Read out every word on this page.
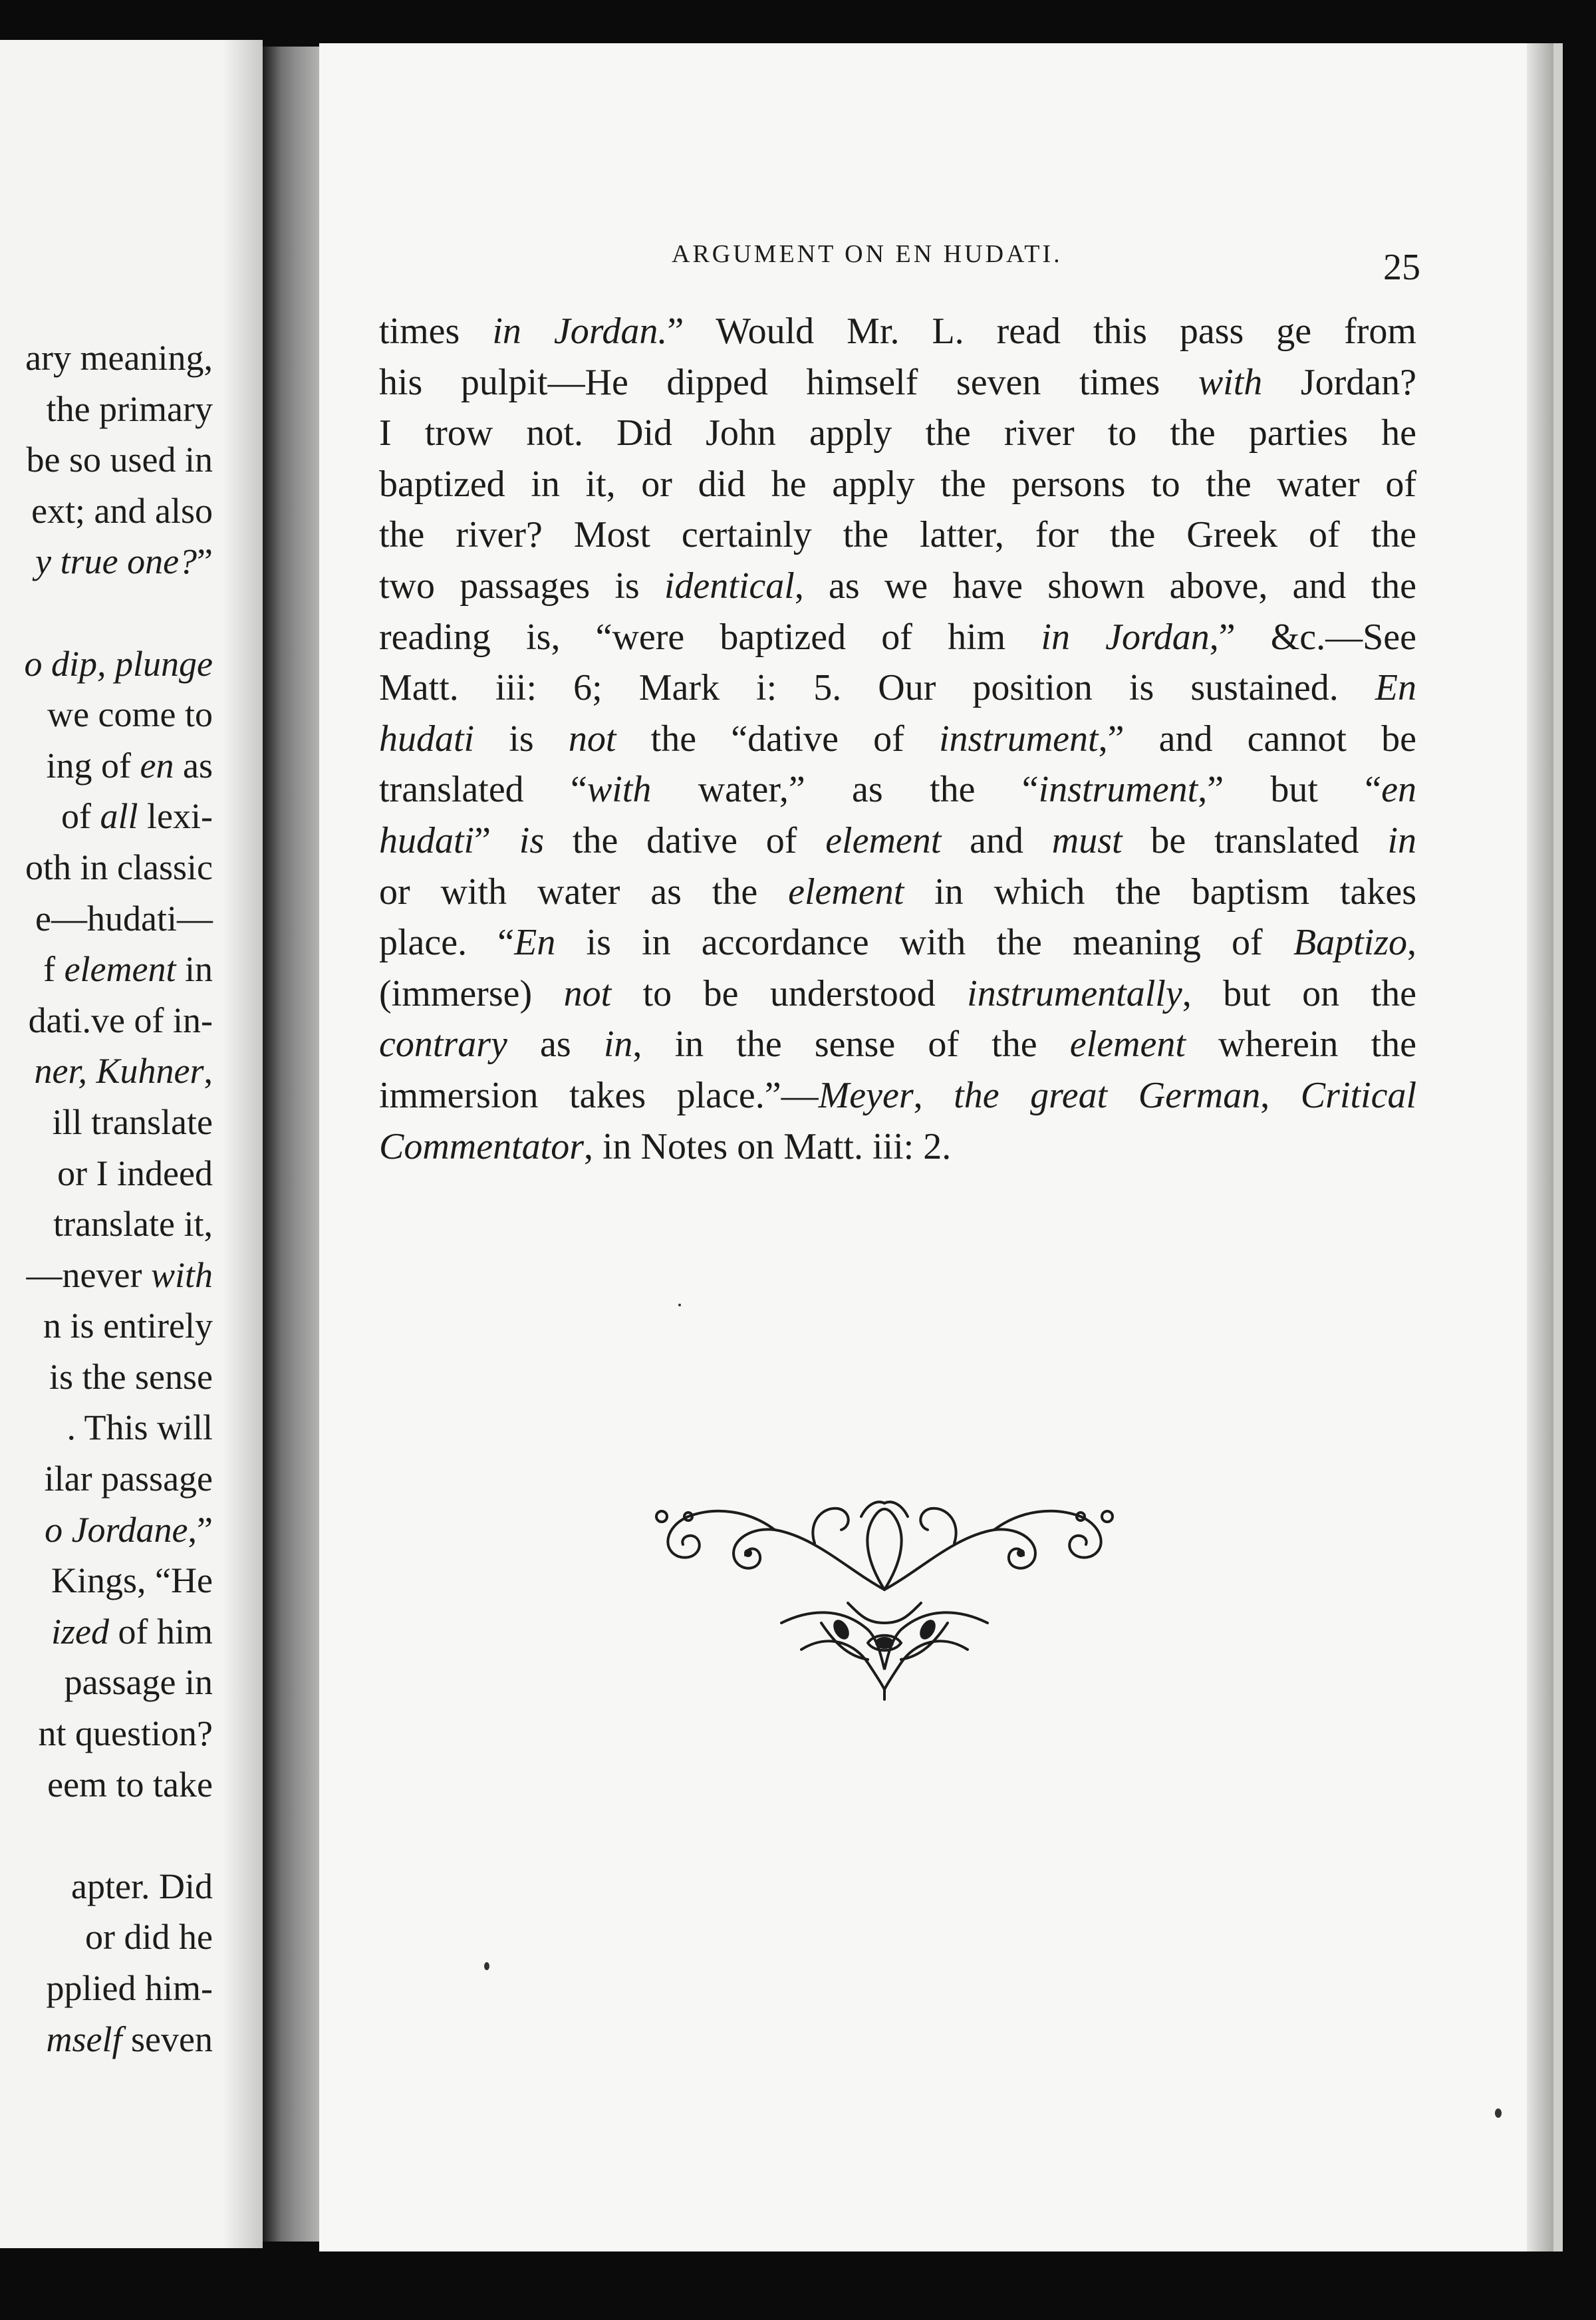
ary meaning,
the primary
be so used in
ext; and also
y true one?”
o dip, plunge
we come to
ing of en as
of all lexi-
oth in classic
e—hudati—
f element in
dati.ve of in-
ner, Kuhner,
ill translate
or I indeed
translate it,
—never with
n is entirely
is the sense
. This will
ilar passage
o Jordane,”
Kings, “He
ized of him
passage in
nt question?
eem to take
apter. Did
or did he
pplied him-
mself seven
ARGUMENT ON EN HUDATI.	25
times in Jordan.” Would Mr. L. read this pass ge from
his pulpit—He dipped himself seven times with Jordan?
I trow not. Did John apply the river to the parties he
baptized in it, or did he apply the persons to the water of
the river? Most certainly the latter, for the Greek of the
two passages is identical, as we have shown above, and the
reading is, “were baptized of him in Jordan,” &c.—See
Matt. iii: 6; Mark i: 5. Our position is sustained. En
hudati is not the “dative of instrument,” and cannot be
translated “with water,” as the “instrument,” but “en
hudati” is the dative of element and must be translated in
or with water as the element in which the baptism takes
place. “En is in accordance with the meaning of Baptizo,
(immerse) not to be understood instrumentally, but on the
contrary as in, in the sense of the element wherein the
immersion takes place.”—Meyer, the great German, Critical
Commentator, in Notes on Matt. iii: 2.
